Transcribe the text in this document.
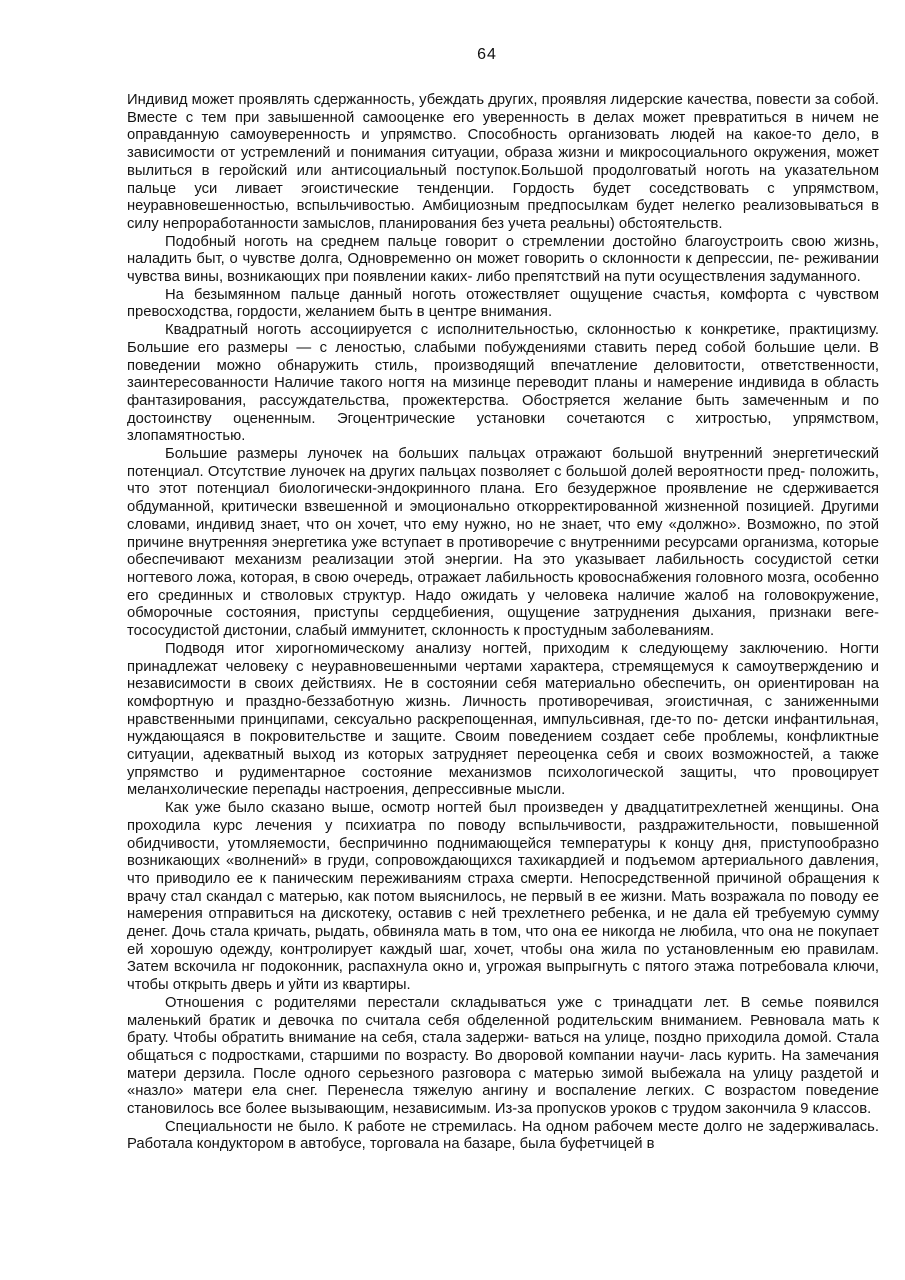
64

Индивид может проявлять сдержанность, убеждать других, проявляя лидерские качества, повести за собой. Вместе с тем при завышенной самооценке его уверенность в делах может превратиться в ничем не оправданную самоуверенность и упрямство. Способность организовать людей на какое-то дело, в зависимости от устремлений и понимания ситуации, образа жизни и микросоциального окружения, может вылиться в геройский или антисоциальный поступок.Большой продолговатый ноготь на указательном пальце уси ливает эгоистические тенденции. Гордость будет соседствовать с упрямством, неуравновешенностью, вспыльчивостью. Амбициозным предпосылкам будет нелегко реализовываться в силу непроработанности замыслов, планирования без учета реальны) обстоятельств.

Подобный ноготь на среднем пальце говорит о стремлении достойно благоустроить свою жизнь, наладить быт, о чувстве долга, Одновременно он может говорить о склонности к депрессии, пе- реживании чувства вины, возникающих при появлении каких- либо препятствий на пути осуществления задуманного.

На безымянном пальце данный ноготь отожествляет ощущение счастья, комфорта с чувством превосходства, гордости, желанием быть в центре внимания.

Квадратный ноготь ассоциируется с исполнительностью, склонностью к конкретике, практицизму. Большие его размеры — с леностью, слабыми побуждениями ставить перед собой большие цели. В поведении можно обнаружить стиль, производящий впечатление деловитости, ответственности, заинтересованности Наличие такого ногтя на мизинце переводит планы и намерение индивида в область фантазирования, рассуждательства, прожектерства. Обостряется желание быть замеченным и по достоинству оцененным. Эгоцентрические установки сочетаются с хитростью, упрямством, злопамятностью.

Большие размеры луночек на больших пальцах отражают большой внутренний энергетический потенциал. Отсутствие луночек на других пальцах позволяет с большой долей вероятности пред- положить, что этот потенциал биологически-эндокринного плана. Его безудержное проявление не сдерживается обдуманной, критически взвешенной и эмоционально откорректированной жизненной позицией. Другими словами, индивид знает, что он хочет, что ему нужно, но не знает, что ему «должно». Возможно, по этой причине внутренняя энергетика уже вступает в противоречие с внутренними ресурсами организма, которые обеспечивают механизм реализации этой энергии. На это указывает лабильность сосудистой сетки ногтевого ложа, которая, в свою очередь, отражает лабильность кровоснабжения головного мозга, особенно его срединных и стволовых структур. Надо ожидать у человека наличие жалоб на головокружение, обморочные состояния, приступы сердцебиения, ощущение затруднения дыхания, признаки веге- тососудистой дистонии, слабый иммунитет, склонность к простудным заболеваниям.

Подводя итог хирогномическому анализу ногтей, приходим к следующему заключению. Ногти принадлежат человеку с неуравновешенными чертами характера, стремящемуся к самоутверждению и независимости в своих действиях. Не в состоянии себя материально обеспечить, он ориентирован на комфортную и праздно-беззаботную жизнь. Личность противоречивая, эгоистичная, с заниженными нравственными принципами, сексуально раскрепощенная, импульсивная, где-то по- детски инфантильная, нуждающаяся в покровительстве и защите. Своим поведением создает себе проблемы, конфликтные ситуации, адекватный выход из которых затрудняет переоценка себя и своих возможностей, а также упрямство и рудиментарное состояние механизмов психологической защиты, что провоцирует меланхолические перепады настроения, депрессивные мысли.

Как уже было сказано выше, осмотр ногтей был произведен у двадцатитрехлетней женщины. Она проходила курс лечения у психиатра по поводу вспыльчивости, раздражительности, повышенной обидчивости, утомляемости, беспричинно поднимающейся температуры к концу дня, приступообразно возникающих «волнений» в груди, сопровождающихся тахикардией и подъемом артериального давления, что приводило ее к паническим переживаниям страха смерти. Непосредственной причиной обращения к врачу стал скандал с матерью, как потом выяснилось, не первый в ее жизни. Мать возражала по поводу ее намерения отправиться на дискотеку, оставив с ней трехлетнего ребенка, и не дала ей требуемую сумму денег. Дочь стала кричать, рыдать, обвиняла мать в том, что она ее никогда не любила, что она не покупает ей хорошую одежду, контролирует каждый шаг, хочет, чтобы она жила по установленным ею правилам. Затем вскочила нг подоконник, распахнула окно и, угрожая выпрыгнуть с пятого этажа потребовала ключи, чтобы открыть дверь и уйти из квартиры.

Отношения с родителями перестали складываться уже с тринадцати лет. В семье появился маленький братик и девочка по считала себя обделенной родительским вниманием. Ревновала мать к брату. Чтобы обратить внимание на себя, стала задержи- ваться на улице, поздно приходила домой. Стала общаться с подростками, старшими по возрасту. Во дворовой компании научи- лась курить. На замечания матери дерзила. После одного серьезного разговора с матерью зимой выбежала на улицу раздетой и «назло» матери ела снег. Перенесла тяжелую ангину и воспаление легких. С возрастом поведение становилось все более вызывающим, независимым. Из-за пропусков уроков с трудом закончила 9 классов.

Специальности не было. К работе не стремилась. На одном рабочем месте долго не задерживалась. Работала кондуктором в автобусе, торговала на базаре, была буфетчицей в
